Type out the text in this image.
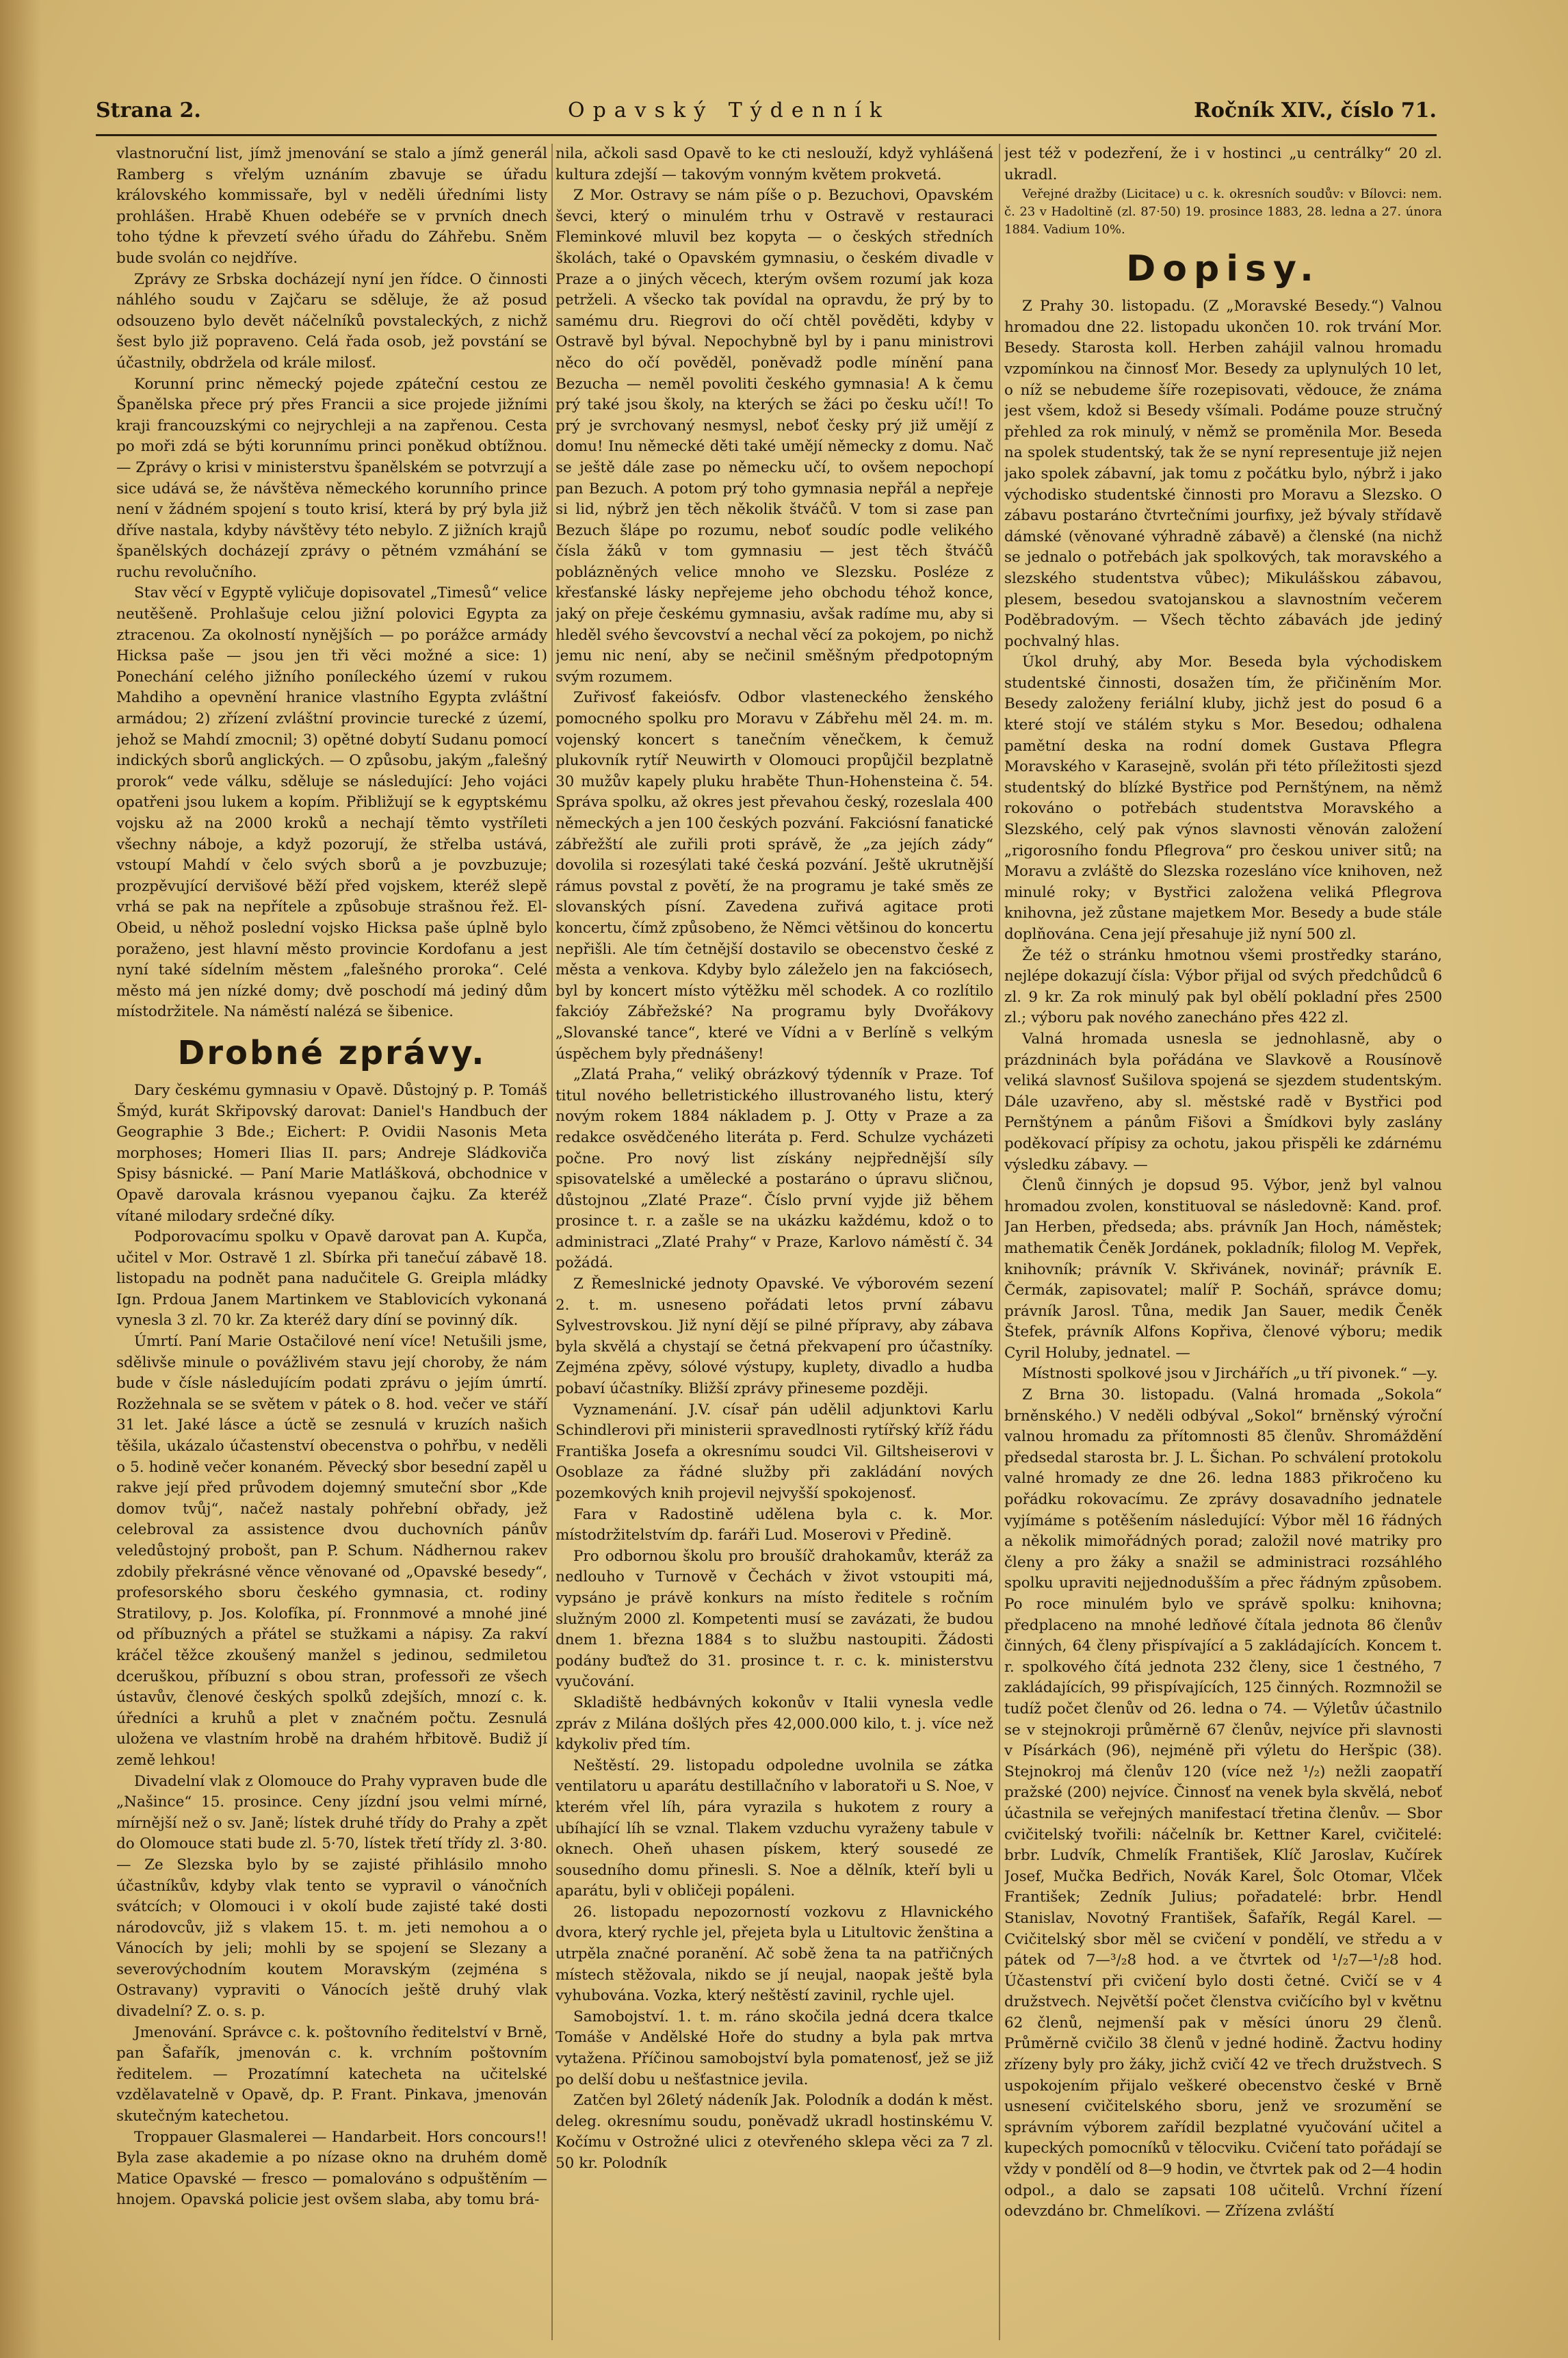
Strana 2.	Opavský Týdenník	Ročník XIV., číslo 71.

vlastnoruční list, jímž jmenování se stalo a jímž generál Ramberg s vřelým uznáním zbavuje se úřadu královského kommissaře, byl v neděli úředními listy prohlášen. Hrabě Khuen odebéře se v prvních dnech toho týdne k převzetí svého úřadu do Záhřebu. Sněm bude svolán co nejdříve.

Zprávy ze Srbska docházejí nyní jen řídce. O činnosti náhlého soudu v Zajčaru se sděluje, že až posud odsouzeno bylo devět náčelníků povstaleckých, z nichž šest bylo již popraveno. Celá řada osob, jež povstání se účastnily, obdržela od krále milosť.

Korunní princ německý pojede zpáteční cestou ze Španělska přece prý přes Francii a sice projede jižními kraji francouzskými co nejrychleji a na zapřenou. Cesta po moři zdá se býti korunnímu princi poněkud obtížnou. — Zprávy o krisi v ministerstvu španělském se potvrzují a sice udává se, že návštěva německého korunního prince není v žádném spojení s touto krisí, která by prý byla již dříve nastala, kdyby návštěvy této nebylo. Z jižních krajů španělských docházejí zprávy o pětném vzmáhání se ruchu revolučního.

Stav věcí v Egyptě vyličuje dopisovatel „Timesů“ velice neutěšeně. Prohlašuje celou jižní polovici Egypta za ztracenou. Za okolností nynějších — po porážce armády Hicksa paše — jsou jen tři věci možné a sice: 1) Ponechání celého jižního poníleckého území v rukou Mahdiho a opevnění hranice vlastního Egypta zvláštní armádou; 2) zřízení zvláštní provincie turecké z území, jehož se Mahdí zmocnil; 3) opětné dobytí Sudanu pomocí indických sborů anglických. — O způsobu, jakým „falešný prorok“ vede válku, sděluje se následující: Jeho vojáci opatřeni jsou lukem a kopím. Přibližují se k egyptskému vojsku až na 2000 kroků a nechají těmto vystříleti všechny náboje, a když pozorují, že střelba ustává, vstoupí Mahdí v čelo svých sborů a je povzbuzuje; prozpěvující dervišové běží před vojskem, kteréž slepě vrhá se pak na nepřítele a způsobuje strašnou řež. El-Obeid, u něhož poslední vojsko Hicksa paše úplně bylo poraženo, jest hlavní město provincie Kordofanu a jest nyní také sídelním městem „falešného proroka“. Celé město má jen nízké domy; dvě poschodí má jediný dům místodržitele. Na náměstí nalézá se šibenice.

Drobné zprávy.

Dary českému gymnasiu v Opavě. Důstojný p. P. Tomáš Šmýd, kurát Skřipovský darovat: Daniel's Handbuch der Geographie 3 Bde.; Eichert: P. Ovidii Nasonis Meta morphoses; Homeri Ilias II. pars; Andreje Sládkoviča Spisy básnické. — Paní Marie Matlášková, obchodnice v Opavě darovala krásnou vyepanou čajku. Za kteréž vítané milodary srdečné díky.

Podporovacímu spolku v Opavě darovat pan A. Kupča, učitel v Mor. Ostravě 1 zl. Sbírka při tanečuí zábavě 18. listopadu na podnět pana nadučitele G. Greipla mládky Ign. Prdoua Janem Martinkem ve Stablovicích vykonaná vynesla 3 zl. 70 kr. Za kteréž dary díní se povinný dík.

Úmrtí. Paní Marie Ostačilové není více! Netušili jsme, sdělivše minule o povážlivém stavu její choroby, že nám bude v čísle následujícím podati zprávu o jejím úmrtí. Rozžehnala se se světem v pátek o 8. hod. večer ve stáří 31 let. Jaké lásce a úctě se zesnulá v kruzích našich těšila, ukázalo účastenství obecenstva o pohřbu, v neděli o 5. hodině večer konaném. Pěvecký sbor besední zapěl u rakve její před průvodem dojemný smuteční sbor „Kde domov tvůj“, načež nastaly pohřební obřady, jež celebroval za assistence dvou duchovních pánův veledůstojný probošt, pan P. Schum. Nádhernou rakev zdobily překrásné věnce věnované od „Opavské besedy“, profesorského sboru českého gymnasia, ct. rodiny Stratilovy, p. Jos. Kolofíka, pí. Fronnmové a mnohé jiné od příbuzných a přátel se stužkami a nápisy. Za rakví kráčel těžce zkoušený manžel s jedinou, sedmiletou dceruškou, příbuzní s obou stran, professoři ze všech ústavův, členové českých spolků zdejších, mnozí c. k. úředníci a kruhů a plet v značném počtu. Zesnulá uložena ve vlastním hrobě na drahém hřbitově. Budiž jí země lehkou!

Divadelní vlak z Olomouce do Prahy vypraven bude dle „Našince“ 15. prosince. Ceny jízdní jsou velmi mírné, mírnější než o sv. Janě; lístek druhé třídy do Prahy a zpět do Olomouce stati bude zl. 5·70, lístek třetí třídy zl. 3·80. — Ze Slezska bylo by se zajisté přihlásilo mnoho účastníkův, kdyby vlak tento se vypravil o vánočních svátcích; v Olomouci i v okolí bude zajisté také dosti národovcův, již s vlakem 15. t. m. jeti nemohou a o Vánocích by jeli; mohli by se spojení se Slezany a severovýchodním koutem Moravským (zejména s Ostravany) vypraviti o Vánocích ještě druhý vlak divadelní? Z. o. s. p.

Jmenování. Správce c. k. poštovního ředitelství v Brně, pan Šafařík, jmenován c. k. vrchním poštovním ředitelem. — Prozatímní katecheta na učitelské vzdělavatelně v Opavě, dp. P. Frant. Pinkava, jmenován skutečným katechetou.

Troppauer Glasmalerei — Handarbeit. Hors concours!! Byla zase akademie a po nízase okno na druhém domě Matice Opavské — fresco — pomalováno s odpuštěním — hnojem. Opavská policie jest ovšem slaba, aby tomu brá-

nila, ačkoli sasd Opavě to ke cti neslouží, když vyhlášená kultura zdejší — takovým vonným květem prokvetá.

Z Mor. Ostravy se nám píše o p. Bezuchovi, Opavském ševci, který o minulém trhu v Ostravě v restauraci Fleminkové mluvil bez kopyta — o českých středních školách, také o Opavském gymnasiu, o českém divadle v Praze a o jiných věcech, kterým ovšem rozumí jak koza petrželi. A všecko tak povídal na opravdu, že prý by to samému dru. Riegrovi do očí chtěl pověděti, kdyby v Ostravě byl býval. Nepochybně byl by i panu ministrovi něco do očí pověděl, poněvadž podle mínění pana Bezucha — neměl povoliti českého gymnasia! A k čemu prý také jsou školy, na kterých se žáci po česku učí!! To prý je svrchovaný nesmysl, neboť česky prý již umějí z domu! Inu německé děti také umějí německy z domu. Nač se ještě dále zase po německu učí, to ovšem nepochopí pan Bezuch. A potom prý toho gymnasia nepřál a nepřeje si lid, nýbrž jen těch několik štváčů. V tom si zase pan Bezuch šlápe po rozumu, neboť soudíc podle velikého čísla žáků v tom gymnasiu — jest těch štváčů poblázněných velice mnoho ve Slezsku. Posléze z křesťanské lásky nepřejeme jeho obchodu téhož konce, jaký on přeje českému gymnasiu, avšak radíme mu, aby si hleděl svého ševcovství a nechal věcí za pokojem, po nichž jemu nic není, aby se nečinil směšným předpotopným svým rozumem.

Zuřivosť fakeiósfv. Odbor vlasteneckého ženského pomocného spolku pro Moravu v Zábřehu měl 24. m. m. vojenský koncert s tanečním věnečkem, k čemuž plukovník rytíř Neuwirth v Olomouci propůjčil bezplatně 30 mužův kapely pluku hraběte Thun-Hohensteina č. 54. Správa spolku, až okres jest převahou český, rozeslala 400 německých a jen 100 českých pozvání. Fakciósní fanatické zábřežští ale zuřili proti správě, že „za jejích zády“ dovolila si rozesýlati také česká pozvání. Ještě ukrutnější rámus povstal z povětí, že na programu je také směs ze slovanských písní. Zavedena zuřivá agitace proti koncertu, čímž způsobeno, že Němci většinou do koncertu nepřišli. Ale tím četnější dostavilo se obecenstvo české z města a venkova. Kdyby bylo záleželo jen na fakciósech, byl by koncert místo výtěžku měl schodek. A co rozlítilo fakcióy Zábřežské? Na programu byly Dvořákovy „Slovanské tance“, které ve Vídni a v Berlíně s velkým úspěchem byly přednášeny!

„Zlatá Praha,“ veliký obrázkový týdenník v Praze. Tof titul nového belletristického illustrovaného listu, který novým rokem 1884 nákladem p. J. Otty v Praze a za redakce osvědčeného literáta p. Ferd. Schulze vycházeti počne. Pro nový list získány nejpřednější síly spisovatelské a umělecké a postaráno o úpravu sličnou, důstojnou „Zlaté Praze“. Číslo první vyjde již během prosince t. r. a zašle se na ukázku každému, kdož o to administraci „Zlaté Prahy“ v Praze, Karlovo náměstí č. 34 požádá.

Z Řemeslnické jednoty Opavské. Ve výborovém sezení 2. t. m. usneseno pořádati letos první zábavu Sylvestrovskou. Již nyní dějí se pilné přípravy, aby zábava byla skvělá a chystají se četná překvapení pro účastníky. Zejména zpěvy, sólové výstupy, kuplety, divadlo a hudba pobaví účastníky. Bližší zprávy přineseme později.

Vyznamenání. J.V. císař pán udělil adjunktovi Karlu Schindlerovi při ministerii spravedlnosti rytířský kříž řádu Františka Josefa a okresnímu soudci Vil. Giltsheiserovi v Osoblaze za řádné služby při zakládání nových pozemkových knih projevil nejvyšší spokojenosť.

Fara v Radostině udělena byla c. k. Mor. místodržitelstvím dp. faráři Lud. Moserovi v Předině.

Pro odbornou školu pro broušíč drahokamův, kteráž za nedlouho v Turnově v Čechách v život vstoupiti má, vypsáno je právě konkurs na místo ředitele s ročním služným 2000 zl. Kompetenti musí se zavázati, že budou dnem 1. března 1884 s to službu nastoupiti. Žádosti podány buďtež do 31. prosince t. r. c. k. ministerstvu vyučování.

Skladiště hedbávných kokonův v Italii vynesla vedle zpráv z Milána došlých přes 42,000.000 kilo, t. j. více než kdykoliv před tím.

Neštěstí. 29. listopadu odpoledne uvolnila se zátka ventilatoru u aparátu destillačního v laboratoři u S. Noe, v kterém vřel líh, pára vyrazila s hukotem z roury a ubíhající líh se vznal. Tlakem vzduchu vyraženy tabule v oknech. Oheň uhasen pískem, který sousedé ze sousedního domu přinesli. S. Noe a dělník, kteří byli u aparátu, byli v obličeji popáleni.

26. listopadu nepozorností vozkovu z Hlavnického dvora, který rychle jel, přejeta byla u Litultovic ženština a utrpěla značné poranění. Ač sobě žena ta na patřičných místech stěžovala, nikdo se jí neujal, naopak ještě byla vyhubována. Vozka, který neštěstí zavinil, rychle ujel.

Samobojství. 1. t. m. ráno skočila jedná dcera tkalce Tomáše v Andělské Hoře do studny a byla pak mrtva vytažena. Příčinou samobojství byla pomatenosť, jež se již po delší dobu u nešťastnice jevila.

Zatčen byl 26letý nádeník Jak. Polodník a dodán k měst. deleg. okresnímu soudu, poněvadž ukradl hostinskému V. Kočímu v Ostrožné ulici z otevřeného sklepa věci za 7 zl. 50 kr. Polodník

jest též v podezření, že i v hostinci „u centrálky“ 20 zl. ukradl.

Veřejné dražby (Licitace) u c. k. okresních soudův: v Bílovci: nem. č. 23 v Hadoltině (zl. 87·50) 19. prosince 1883, 28. ledna a 27. února 1884. Vadium 10%.

Dopisy.

Z Prahy 30. listopadu. (Z „Moravské Besedy.“) Valnou hromadou dne 22. listopadu ukončen 10. rok trvání Mor. Besedy. Starosta koll. Herben zahájil valnou hromadu vzpomínkou na činnosť Mor. Besedy za uplynulých 10 let, o níž se nebudeme šíře rozepisovati, vědouce, že známa jest všem, kdož si Besedy všímali. Podáme pouze stručný přehled za rok minulý, v němž se proměnila Mor. Beseda na spolek studentský, tak že se nyní representuje již nejen jako spolek zábavní, jak tomu z počátku bylo, nýbrž i jako východisko studentské činnosti pro Moravu a Slezsko. O zábavu postaráno čtvrtečními jourfixy, jež bývaly střídavě dámské (věnované výhradně zábavě) a členské (na nichž se jednalo o potřebách jak spolkových, tak moravského a slezského studentstva vůbec); Mikulášskou zábavou, plesem, besedou svatojanskou a slavnostním večerem Poděbradovým. — Všech těchto zábavách jde jediný pochvalný hlas.

Úkol druhý, aby Mor. Beseda byla východiskem studentské činnosti, dosažen tím, že přičiněním Mor. Besedy založeny feriální kluby, jichž jest do posud 6 a které stojí ve stálém styku s Mor. Besedou; odhalena pamětní deska na rodní domek Gustava Pflegra Moravského v Karasejně, svolán při této příležitosti sjezd studentský do blízké Bystřice pod Pernštýnem, na němž rokováno o potřebách studentstva Moravského a Slezského, celý pak výnos slavnosti věnován založení „rigorosního fondu Pflegrova“ pro českou univer sitů; na Moravu a zvláště do Slezska rozesláno více knihoven, než minulé roky; v Bystřici založena veliká Pflegrova knihovna, jež zůstane majetkem Mor. Besedy a bude stále doplňována. Cena její přesahuje již nyní 500 zl.

Že též o stránku hmotnou všemi prostředky staráno, nejlépe dokazují čísla: Výbor přijal od svých předchůdců 6 zl. 9 kr. Za rok minulý pak byl obělí pokladní přes 2500 zl.; výboru pak nového zanecháno přes 422 zl.

Valná hromada usnesla se jednohlasně, aby o prázdninách byla pořádána ve Slavkově a Rousínově veliká slavnosť Sušilova spojená se sjezdem studentským. Dále uzavřeno, aby sl. městské radě v Bystřici pod Pernštýnem a pánům Fišovi a Šmídkovi byly zaslány poděkovací přípisy za ochotu, jakou přispěli ke zdárnému výsledku zábavy. —

Členů činných je dopsud 95. Výbor, jenž byl valnou hromadou zvolen, konstituoval se následovně: Kand. prof. Jan Herben, předseda; abs. právník Jan Hoch, náměstek; mathematik Čeněk Jordánek, pokladník; filolog M. Vepřek, knihovník; právník V. Skřivánek, novinář; právník E. Čermák, zapisovatel; malíř P. Socháň, správce domu; právník Jarosl. Tůna, medik Jan Sauer, medik Čeněk Štefek, právník Alfons Kopřiva, členové výboru; medik Cyril Holuby, jednatel. —

Místnosti spolkové jsou v Jirchářích „u tří pivonek.“ —y.

Z Brna 30. listopadu. (Valná hromada „Sokola“ brněnského.) V neděli odbýval „Sokol“ brněnský výroční valnou hromadu za přítomnosti 85 členův. Shromáždění předsedal starosta br. J. L. Šichan. Po schválení protokolu valné hromady ze dne 26. ledna 1883 přikročeno ku pořádku rokovacímu. Ze zprávy dosavadního jednatele vyjímáme s potěšením následující: Výbor měl 16 řádných a několik mimořádných porad; založil nové matriky pro členy a pro žáky a snažil se administraci rozsáhlého spolku upraviti nejjednodušším a přec řádným způsobem. Po roce minulém bylo ve správě spolku: knihovna; předplaceno na mnohé ledňové čítala jednota 86 členův činných, 64 členy přispívající a 5 zakládajících. Koncem t. r. spolkového čítá jednota 232 členy, sice 1 čestného, 7 zakládajících, 99 přispívajících, 125 činných. Rozmnožil se tudíž počet členův od 26. ledna o 74. — Výletův účastnilo se v stejnokroji průměrně 67 členův, nejvíce při slavnosti v Písárkách (96), nejméně při výletu do Heršpic (38). Stejnokroj má členův 120 (více než ¹/₂) nežli zaopatří pražské (200) nejvíce. Činnosť na venek byla skvělá, neboť účastnila se veřejných manifestací třetina členův. — Sbor cvičitelský tvořili: náčelník br. Kettner Karel, cvičitelé: brbr. Ludvík, Chmelík František, Klíč Jaroslav, Kučírek Josef, Mučka Bedřich, Novák Karel, Šolc Otomar, Vlček František; Zedník Julius; pořadatelé: brbr. Hendl Stanislav, Novotný František, Šafařík, Regál Karel. — Cvičitelský sbor měl se cvičení v pondělí, ve středu a v pátek od 7—³/₂8 hod. a ve čtvrtek od ¹/₂7—¹/₂8 hod. Účastenství při cvičení bylo dosti četné. Cvičí se v 4 družstvech. Největší počet členstva cvičícího byl v květnu 62 členů, nejmenší pak v měsíci únoru 29 členů. Průměrně cvičilo 38 členů v jedné hodině. Žactvu hodiny zřízeny byly pro žáky, jichž cvičí 42 ve třech družstvech. S uspokojením přijalo veškeré obecenstvo české v Brně usnesení cvičitelského sboru, jenž ve srozumění se správním výborem zařídil bezplatné vyučování učitel a kupeckých pomocníků v tělocviku. Cvičení tato pořádají se vždy v pondělí od 8—9 hodin, ve čtvrtek pak od 2—4 hodin odpol., a dalo se zapsati 108 učitelů. Vrchní řízení odevzdáno br. Chmelíkovi. — Zřízena zvláští
